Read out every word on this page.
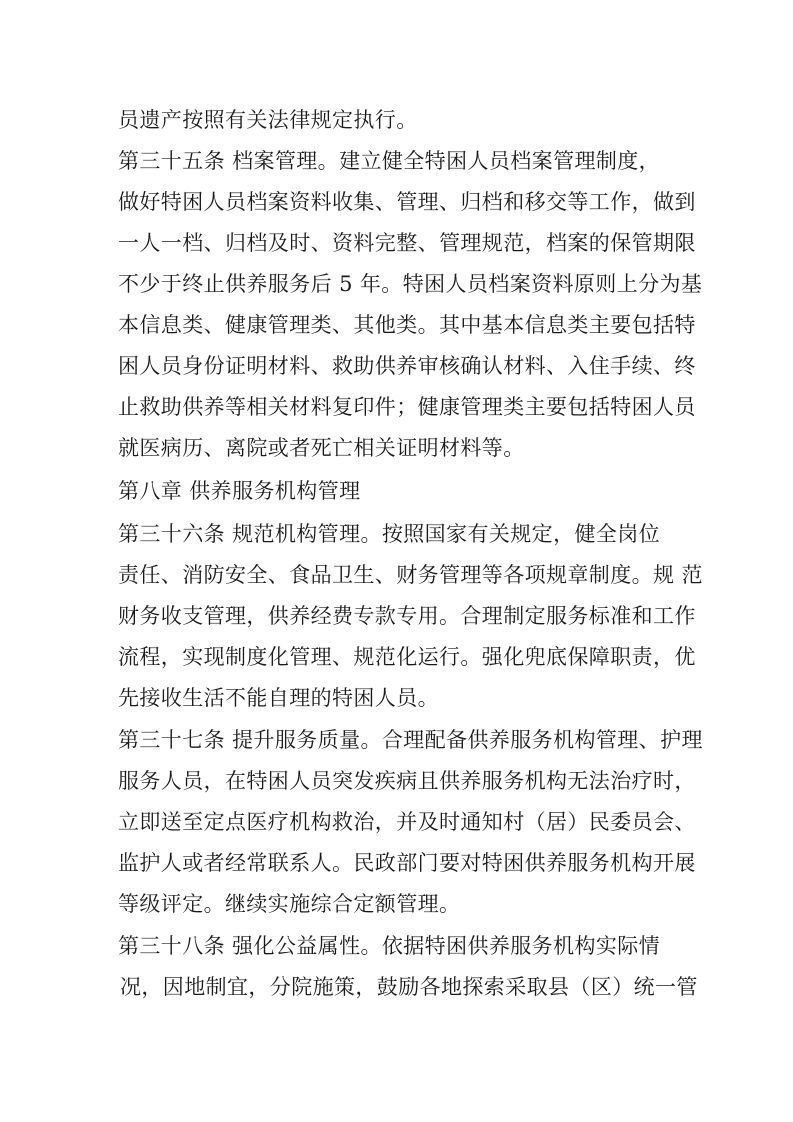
员遗产按照有关法律规定执行。
第三十五条 档案管理。建立健全特困人员档案管理制度，
做好特困人员档案资料收集、管理、归档和移交等工作，做到
一人一档、归档及时、资料完整、管理规范，档案的保管期限
不少于终止供养服务后 5 年。特困人员档案资料原则上分为基
本信息类、健康管理类、其他类。其中基本信息类主要包括特
困人员身份证明材料、救助供养审核确认材料、入住手续、终
止救助供养等相关材料复印件；健康管理类主要包括特困人员
就医病历、离院或者死亡相关证明材料等。
第八章 供养服务机构管理
第三十六条 规范机构管理。按照国家有关规定，健全岗位
责任、消防安全、食品卫生、财务管理等各项规章制度。规 范
财务收支管理，供养经费专款专用。合理制定服务标准和工作
流程，实现制度化管理、规范化运行。强化兜底保障职责，优
先接收生活不能自理的特困人员。
第三十七条 提升服务质量。合理配备供养服务机构管理、护理
服务人员，在特困人员突发疾病且供养服务机构无法治疗时，
立即送至定点医疗机构救治，并及时通知村（居）民委员会、
监护人或者经常联系人。民政部门要对特困供养服务机构开展
等级评定。继续实施综合定额管理。
第三十八条 强化公益属性。依据特困供养服务机构实际情
况，因地制宜，分院施策，鼓励各地探索采取县（区）统一管
